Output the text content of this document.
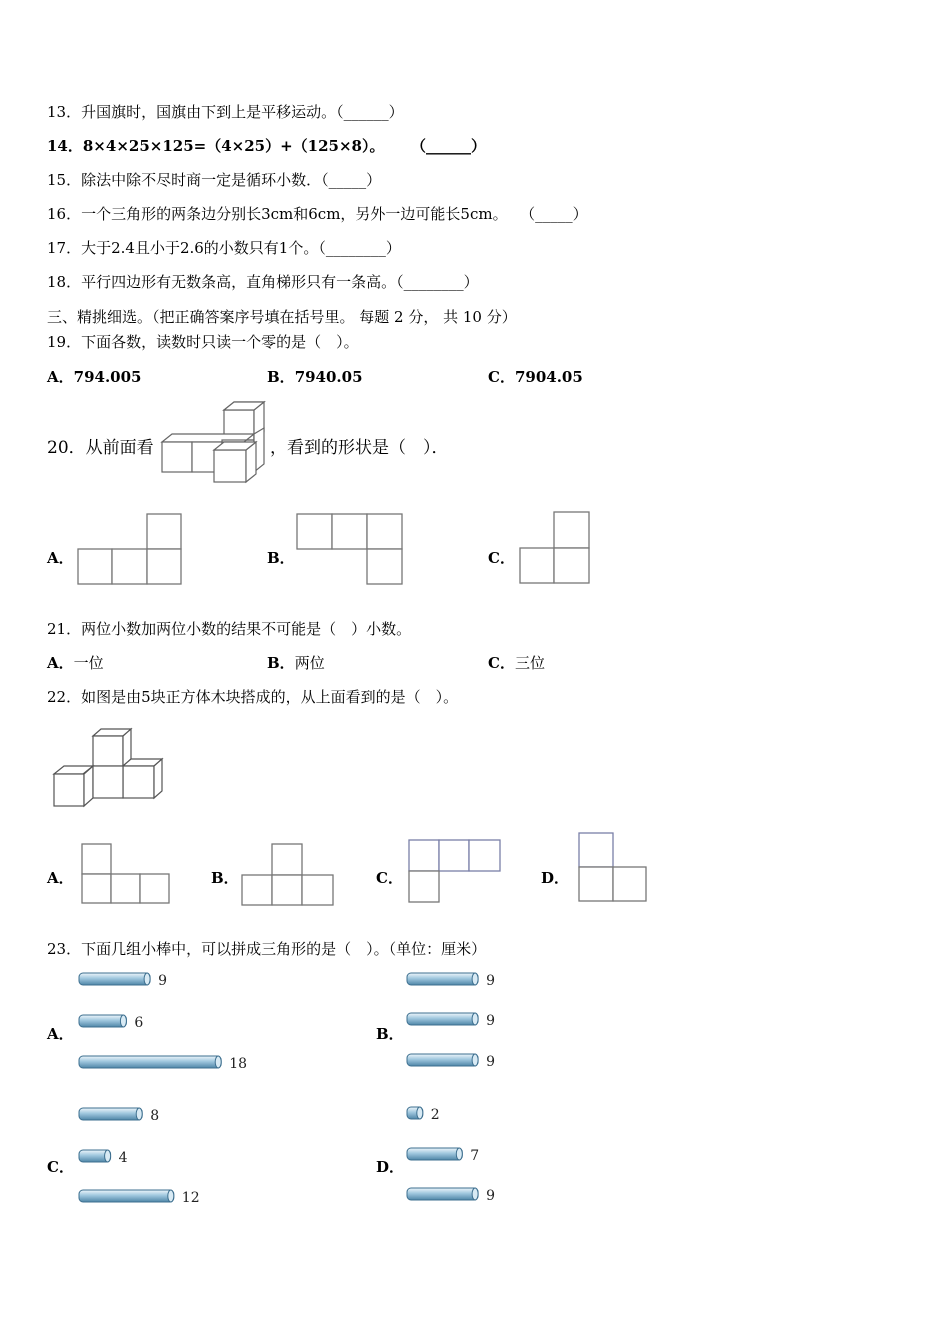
13．升国旗时，国旗由下到上是平移运动。（______）
14．8×4×25×125=（4×25）+（125×8）。 （______）
15．除法中除不尽时商一定是循环小数．（_____）
16．一个三角形的两条边分别长3cm和6cm，另外一边可能长5cm。 （_____）
17．大于2.4且小于2.6的小数只有1个。（________）
18．平行四边形有无数条高，直角梯形只有一条高。（________）
三、精挑细选。（把正确答案序号填在括号里。 每题 2 分， 共 10 分）
19．下面各数，读数时只读一个零的是（　）。
A．794.005	B．7940.05	C．7904.05
20．从前面看	，看到的形状是（　）．
A．	B．	C．
21．两位小数加两位小数的结果不可能是（　）小数。
A．一位	B．两位	C．三位
22．如图是由5块正方体木块搭成的，从上面看到的是（　）。
A．	B．	C．	D．
23．下面几组小棒中，可以拼成三角形的是（　）。（单位：厘米）
9
6
18
9
9
9
8
4
12
2
7
9
A．	B．
C．	D．
